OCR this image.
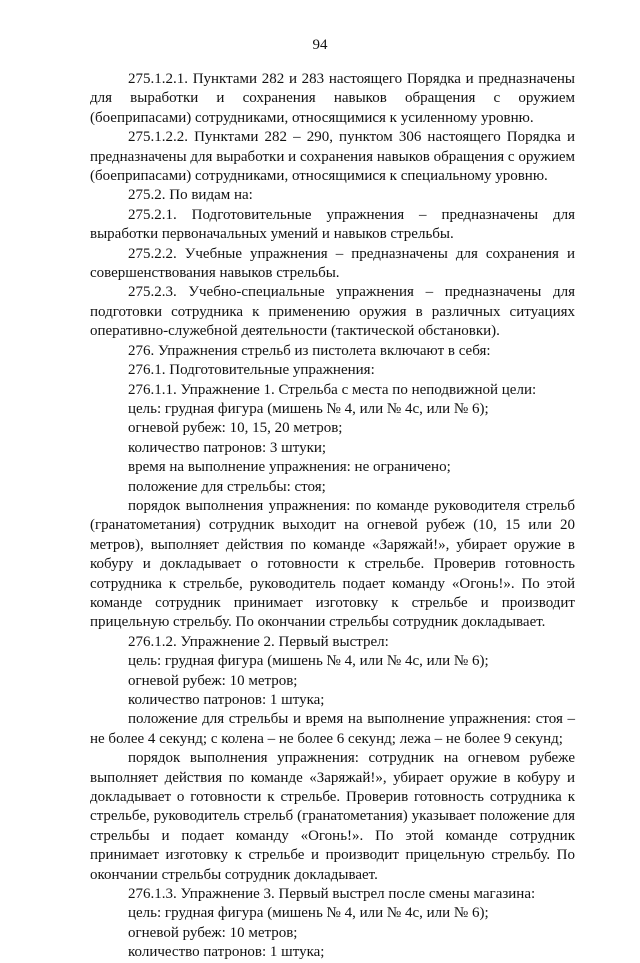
94

275.1.2.1. Пунктами 282 и 283 настоящего Порядка и предназначены для выработки и сохранения навыков обращения с оружием (боеприпасами) сотрудниками, относящимися к усиленному уровню.

275.1.2.2. Пунктами 282 – 290, пунктом 306 настоящего Порядка и предназначены для выработки и сохранения навыков обращения с оружием (боеприпасами) сотрудниками, относящимися к специальному уровню.

275.2. По видам на:

275.2.1. Подготовительные упражнения – предназначены для выработки первоначальных умений и навыков стрельбы.

275.2.2. Учебные упражнения – предназначены для сохранения и совершенствования навыков стрельбы.

275.2.3. Учебно-специальные упражнения – предназначены для подготовки сотрудника к применению оружия в различных ситуациях оперативно-служебной деятельности (тактической обстановки).

276. Упражнения стрельб из пистолета включают в себя:

276.1. Подготовительные упражнения:

276.1.1. Упражнение 1. Стрельба с места по неподвижной цели:

цель: грудная фигура (мишень № 4, или № 4с, или № 6);

огневой рубеж: 10, 15, 20 метров;

количество патронов: 3 штуки;

время на выполнение упражнения: не ограничено;

положение для стрельбы: стоя;

порядок выполнения упражнения: по команде руководителя стрельб (гранатометания) сотрудник выходит на огневой рубеж (10, 15 или 20 метров), выполняет действия по команде «Заряжай!», убирает оружие в кобуру и докладывает о готовности к стрельбе. Проверив готовность сотрудника к стрельбе, руководитель подает команду «Огонь!». По этой команде сотрудник принимает изготовку к стрельбе и производит прицельную стрельбу. По окончании стрельбы сотрудник докладывает.

276.1.2. Упражнение 2. Первый выстрел:

цель: грудная фигура (мишень № 4, или № 4с, или № 6);

огневой рубеж: 10 метров;

количество патронов: 1 штука;

положение для стрельбы и время на выполнение упражнения: стоя – не более 4 секунд; с колена – не более 6 секунд; лежа – не более 9 секунд;

порядок выполнения упражнения: сотрудник на огневом рубеже выполняет действия по команде «Заряжай!», убирает оружие в кобуру и докладывает о готовности к стрельбе. Проверив готовность сотрудника к стрельбе, руководитель стрельб (гранатометания) указывает положение для стрельбы и подает команду «Огонь!». По этой команде сотрудник принимает изготовку к стрельбе и производит прицельную стрельбу. По окончании стрельбы сотрудник докладывает.

276.1.3. Упражнение 3. Первый выстрел после смены магазина:

цель: грудная фигура (мишень № 4, или № 4с, или № 6);

огневой рубеж: 10 метров;

количество патронов: 1 штука;
